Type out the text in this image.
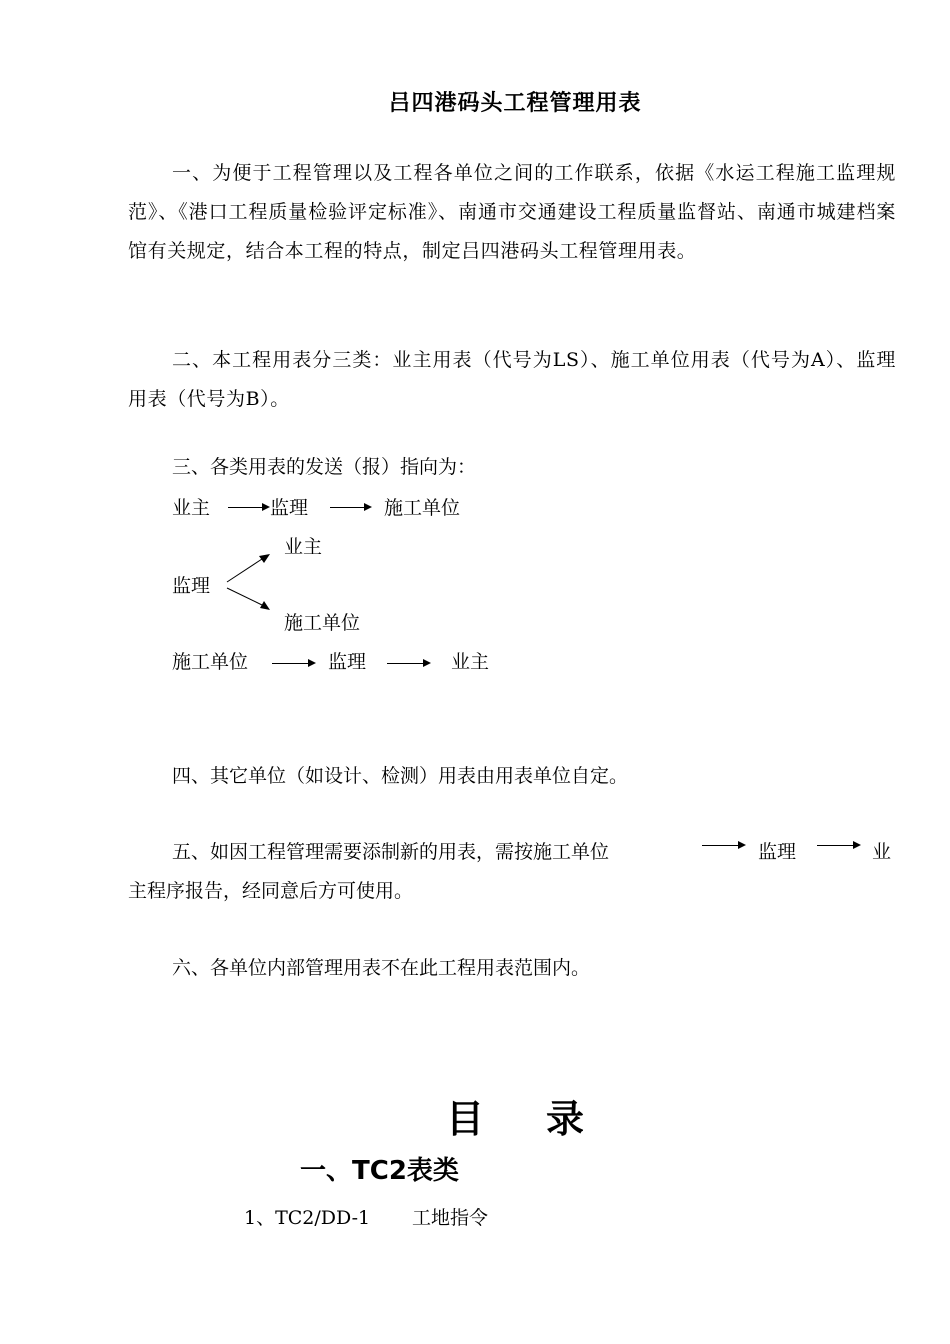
吕四港码头工程管理用表

一、为便于工程管理以及工程各单位之间的工作联系，依据《水运工程施工监理规范》、《港口工程质量检验评定标准》、南通市交通建设工程质量监督站、南通市城建档案馆有关规定，结合本工程的特点，制定吕四港码头工程管理用表。

二、本工程用表分三类：业主用表（代号为LS）、施工单位用表（代号为A）、监理用表（代号为B）。

三、各类用表的发送（报）指向为：
业主	监理	施工单位
业主
监理
施工单位
施工单位	监理	业主
四、其它单位（如设计、检测）用表由用表单位自定。
五、如因工程管理需要添制新的用表，需按施工单位	监理	业
主程序报告，经同意后方可使用。
六、各单位内部管理用表不在此工程用表范围内。
目 录
一、TC2表类
1、TC2/DD-1 工地指令
